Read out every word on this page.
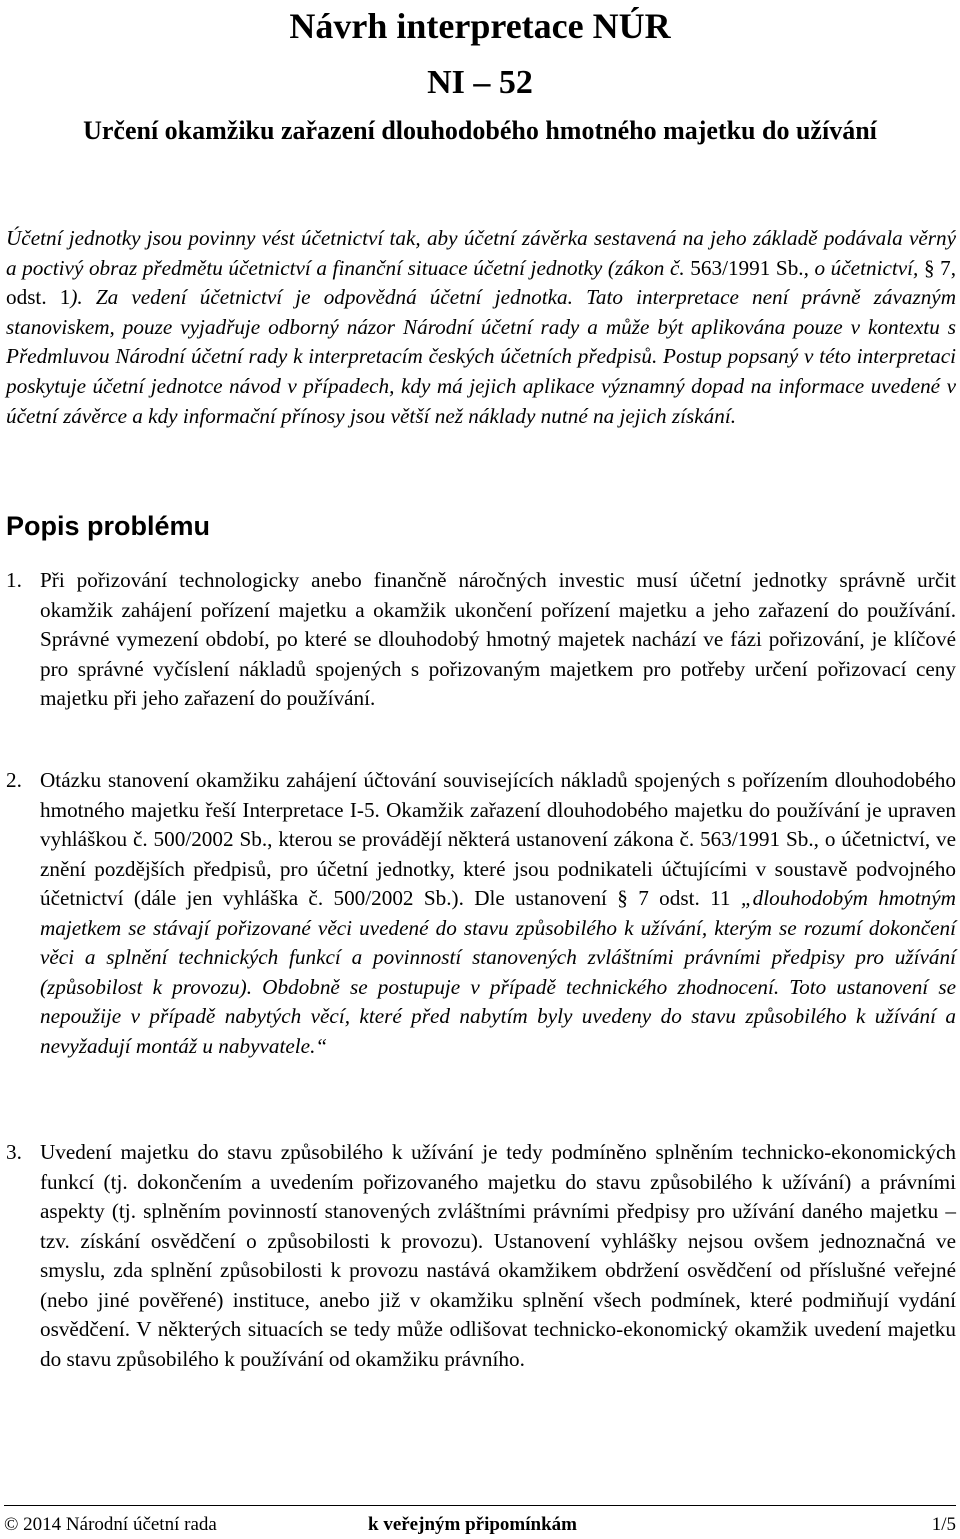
Návrh interpretace NÚR
NI – 52
Určení okamžiku zařazení dlouhodobého hmotného majetku do užívání

Účetní jednotky jsou povinny vést účetnictví tak, aby účetní závěrka sestavená na jeho základě podávala věrný a poctivý obraz předmětu účetnictví a finanční situace účetní jednotky (zákon č. 563/1991 Sb., o účetnictví, § 7, odst. 1). Za vedení účetnictví je odpovědná účetní jednotka. Tato interpretace není právně závazným stanoviskem, pouze vyjadřuje odborný názor Národní účetní rady a může být aplikována pouze v kontextu s Předmluvou Národní účetní rady k interpretacím českých účetních předpisů. Postup popsaný v této interpretaci poskytuje účetní jednotce návod v případech, kdy má jejich aplikace významný dopad na informace uvedené v účetní závěrce a kdy informační přínosy jsou větší než náklady nutné na jejich získání.

Popis problému
1. Při pořizování technologicky anebo finančně náročných investic musí účetní jednotky správně určit okamžik zahájení pořízení majetku a okamžik ukončení pořízení majetku a jeho zařazení do používání. Správné vymezení období, po které se dlouhodobý hmotný majetek nachází ve fázi pořizování, je klíčové pro správné vyčíslení nákladů spojených s pořizovaným majetkem pro potřeby určení pořizovací ceny majetku při jeho zařazení do používání.

2. Otázku stanovení okamžiku zahájení účtování souvisejících nákladů spojených s pořízením dlouhodobého hmotného majetku řeší Interpretace I-5. Okamžik zařazení dlouhodobého majetku do používání je upraven vyhláškou č. 500/2002 Sb., kterou se provádějí některá ustanovení zákona č. 563/1991 Sb., o účetnictví, ve znění pozdějších předpisů, pro účetní jednotky, které jsou podnikateli účtujícími v soustavě podvojného účetnictví (dále jen vyhláška č. 500/2002 Sb.). Dle ustanovení § 7 odst. 11 „dlouhodobým hmotným majetkem se stávají pořizované věci uvedené do stavu způsobilého k užívání, kterým se rozumí dokončení věci a splnění technických funkcí a povinností stanovených zvláštními právními předpisy pro užívání (způsobilost k provozu). Obdobně se postupuje v případě technického zhodnocení. Toto ustanovení se nepoužije v případě nabytých věcí, které před nabytím byly uvedeny do stavu způsobilého k užívání a nevyžadují montáž u nabyvatele.“

3. Uvedení majetku do stavu způsobilého k užívání je tedy podmíněno splněním technicko-ekonomických funkcí (tj. dokončením a uvedením pořizovaného majetku do stavu způsobilého k užívání) a právními aspekty (tj. splněním povinností stanovených zvláštními právními předpisy pro užívání daného majetku – tzv. získání osvědčení o způsobilosti k provozu). Ustanovení vyhlášky nejsou ovšem jednoznačná ve smyslu, zda splnění způsobilosti k provozu nastává okamžikem obdržení osvědčení od příslušné veřejné (nebo jiné pověřené) instituce, anebo již v okamžiku splnění všech podmínek, které podmiňují vydání osvědčení. V některých situacích se tedy může odlišovat technicko-ekonomický okamžik uvedení majetku do stavu způsobilého k používání od okamžiku právního.

© 2014 Národní účetní rada	k veřejným připomínkám	1/5
